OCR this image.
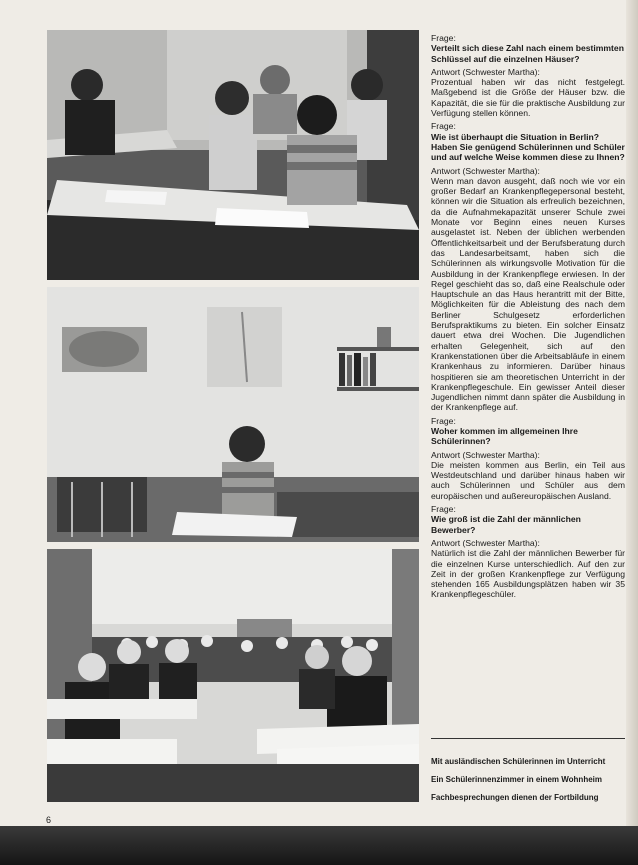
Frage:
Verteilt sich diese Zahl nach einem bestimmten Schlüssel auf die einzelnen Häuser?
Antwort (Schwester Martha):
Prozentual haben wir das nicht festgelegt. Maßgebend ist die Größe der Häuser bzw. die Kapazität, die sie für die praktische Ausbildung zur Verfügung stellen können.
Frage:
Wie ist überhaupt die Situation in Berlin? Haben Sie genügend Schülerinnen und Schüler und auf welche Weise kommen diese zu Ihnen?
Antwort (Schwester Martha):
Wenn man davon ausgeht, daß noch wie vor ein großer Bedarf an Krankenpflegepersonal besteht, können wir die Situation als erfreulich bezeichnen, da die Aufnahmekapazität unserer Schule zwei Monate vor Beginn eines neuen Kurses ausgelastet ist. Neben der üblichen werbenden Öffentlichkeitsarbeit und der Berufsberatung durch das Landesarbeitsamt, haben sich die Schülerinnen als wirkungsvolle Motivation für die Ausbildung in der Krankenpflege erwiesen. In der Regel geschieht das so, daß eine Realschule oder Hauptschule an das Haus herantritt mit der Bitte, Möglichkeiten für die Ableistung des nach dem Berliner Schulgesetz erforderlichen Berufspraktikums zu bieten. Ein solcher Einsatz dauert etwa drei Wochen. Die Jugendlichen erhalten Gelegenheit, sich auf den Krankenstationen über die Arbeitsabläufe in einem Krankenhaus zu informieren. Darüber hinaus hospitieren sie am theoretischen Unterricht in der Krankenpflegeschule. Ein gewisser Anteil dieser Jugendlichen nimmt dann später die Ausbildung in der Krankenpflege auf.
Frage:
Woher kommen im allgemeinen Ihre Schülerinnen?
Antwort (Schwester Martha):
Die meisten kommen aus Berlin, ein Teil aus Westdeutschland und darüber hinaus haben wir auch Schülerinnen und Schüler aus dem europäischen und außereuropäischen Ausland.
Frage:
Wie groß ist die Zahl der männlichen Bewerber?
Antwort (Schwester Martha):
Natürlich ist die Zahl der männlichen Bewerber für die einzelnen Kurse unterschiedlich. Auf den zur Zeit in der großen Krankenpflege zur Verfügung stehenden 165 Ausbildungsplätzen haben wir 35 Krankenpflegeschüler.
Mit ausländischen Schülerinnen im Unterricht
Ein Schülerinnenzimmer in einem Wohnheim
Fachbesprechungen dienen der Fortbildung
6
